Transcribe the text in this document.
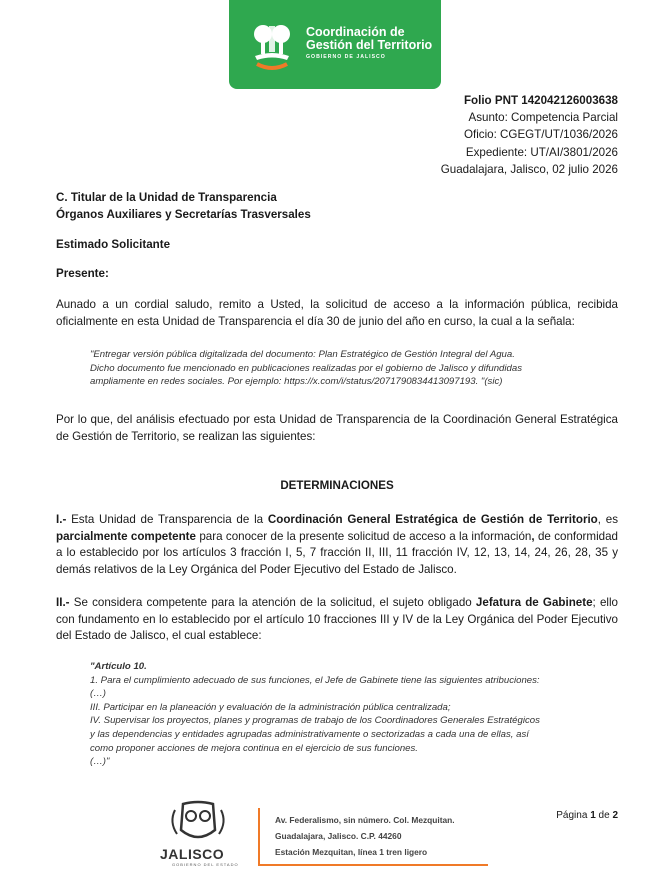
Coordinación de
Gestión del Territorio
GOBIERNO DE JALISCO
Folio PNT 142042126003638
Asunto: Competencia Parcial
Oficio: CGEGT/UT/1036/2026
Expediente: UT/AI/3801/2026
Guadalajara, Jalisco, 02 julio 2026
C. Titular de la Unidad de Transparencia
Órganos Auxiliares y Secretarías Trasversales
Estimado Solicitante
Presente:
Aunado a un cordial saludo, remito a Usted, la solicitud de acceso a la información pública, recibida oficialmente en esta Unidad de Transparencia el día 30 de junio del año en curso, la cual a la señala:
"Entregar versión pública digitalizada del documento: Plan Estratégico de Gestión Integral del Agua.
Dicho documento fue mencionado en publicaciones realizadas por el gobierno de Jalisco y difundidas
ampliamente en redes sociales. Por ejemplo: https://x.com/i/status/2071790834413097193. "(sic)
Por lo que, del análisis efectuado por esta Unidad de Transparencia de la Coordinación General Estratégica de Gestión de Territorio, se realizan las siguientes:
DETERMINACIONES
I.- Esta Unidad de Transparencia de la Coordinación General Estratégica de Gestión de Territorio, es parcialmente competente para conocer de la presente solicitud de acceso a la información, de conformidad a lo establecido por los artículos 3 fracción I, 5, 7 fracción II, III, 11 fracción IV, 12, 13, 14, 24, 26, 28, 35 y demás relativos de la Ley Orgánica del Poder Ejecutivo del Estado de Jalisco.
II.- Se considera competente para la atención de la solicitud, el sujeto obligado Jefatura de Gabinete; ello con fundamento en lo establecido por el artículo 10 fracciones III y IV de la Ley Orgánica del Poder Ejecutivo del Estado de Jalisco, el cual establece:
"Artículo 10.
1. Para el cumplimiento adecuado de sus funciones, el Jefe de Gabinete tiene las siguientes atribuciones:
(…)
III. Participar en la planeación y evaluación de la administración pública centralizada;
IV. Supervisar los proyectos, planes y programas de trabajo de los Coordinadores Generales Estratégicos
y las dependencias y entidades agrupadas administrativamente o sectorizadas a cada una de ellas, así
como proponer acciones de mejora continua en el ejercicio de sus funciones.
(…)"
JALISCO
GOBIERNO DEL ESTADO
Av. Federalismo, sin número. Col. Mezquitan.
Guadalajara, Jalisco. C.P. 44260
Estación Mezquitan, línea 1 tren ligero
Página 1 de 2
